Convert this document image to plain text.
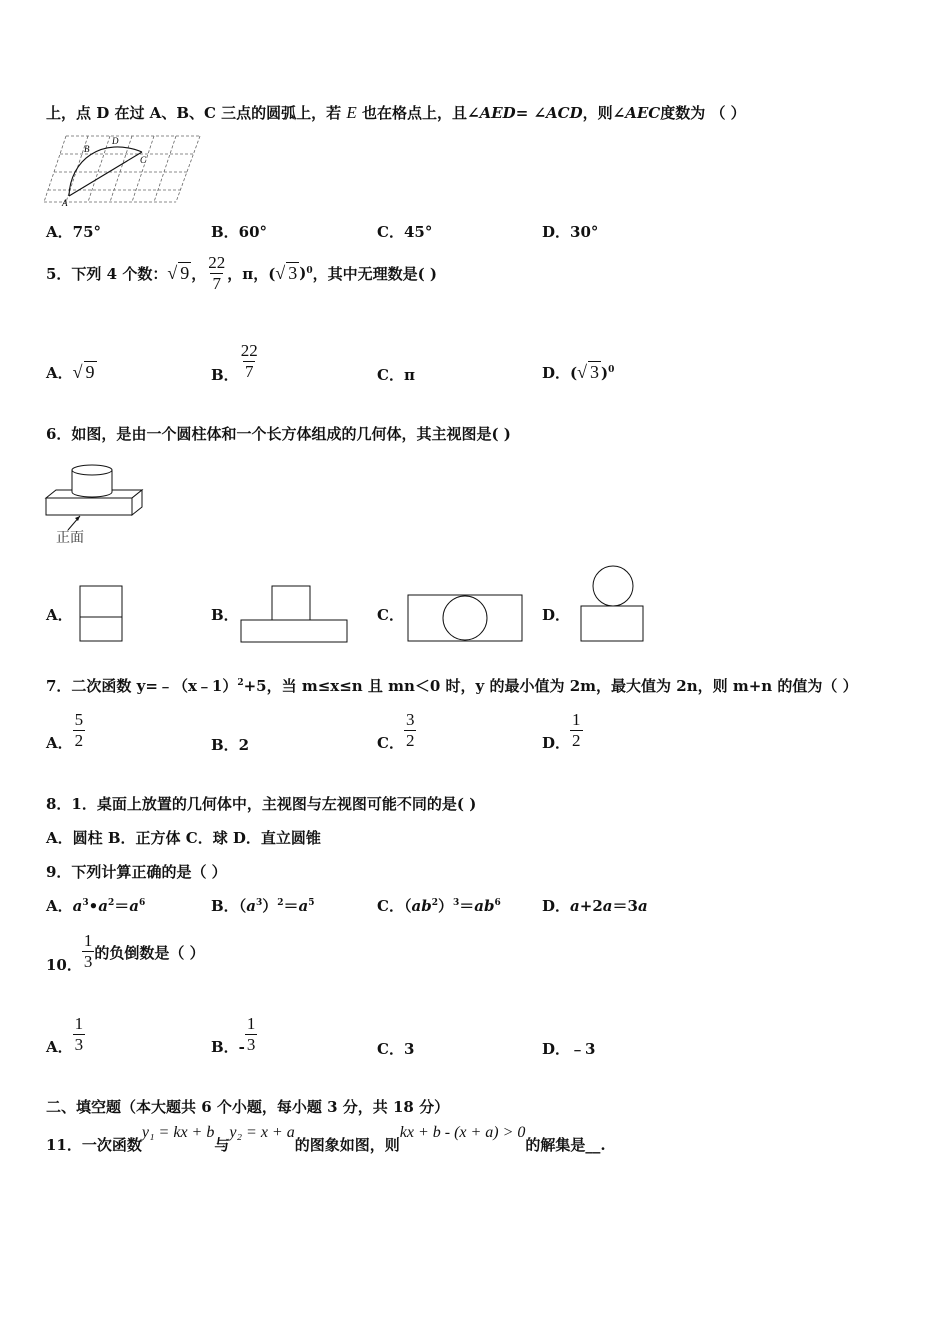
上，点 D 在过 A、B、C 三点的圆弧上，若 E 也在格点上，且∠AED= ∠ACD，则∠AEC度数为 （ ）
A
B
D
C
A．75°	B．60°	C．45°	D．30°
5．下列 4 个数： √ 9 ，
22
7 ，π，( √ 3 ) 0 ，其中无理数是( )
A．√ 9	B．
22
7	C．π	D．(√ 3 )$^0$
6．如图，是由一个圆柱体和一个长方体组成的几何体，其主视图是( )
正面
A．	B．	C．	D．
7．二次函数 y=﹣（x﹣1）$^2$+5，当 m≤x≤n 且 mn＜0 时，y 的最小值为 2m，最大值为 2n，则 m+n 的值为（ ）
A．
5
2	B．2	C．
3
2	D．
1
2
8．1．桌面上放置的几何体中，主视图与左视图可能不同的是( )
A．圆柱 B．正方体 C．球 D．直立圆锥
9．下列计算正确的是（ ）
A．$a^3•a^2=a^6$	B．$(a^3)^2=a^5$	C．$(ab^2)^3=ab^6$	D．a+2a＝3a
10．
1
3 的负倒数是（ ）
A．
1
3	B．-
1
3	C．3	D．﹣3
二、填空题（本大题共 6 个小题，每小题 3 分，共 18 分）
11．一次函数
y₁ = kx + b
与
y₂ = x + a
的图象如图，则
kx + b - (x + a) > 0
的解集是__.
